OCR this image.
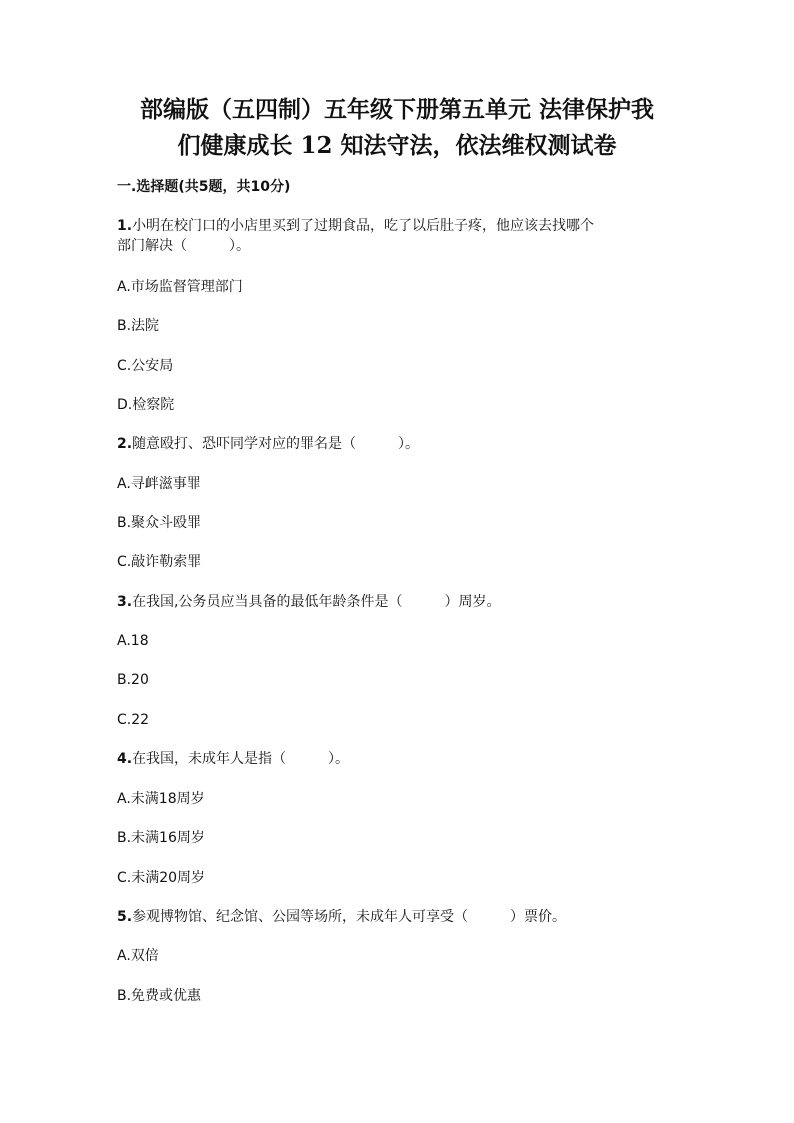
部编版（五四制）五年级下册第五单元 法律保护我
们健康成长 12 知法守法，依法维权测试卷
一.选择题(共5题，共10分)
1.小明在校门口的小店里买到了过期食品，吃了以后肚子疼，他应该去找哪个
部门解决（　　　）。
A.市场监督管理部门
B.法院
C.公安局
D.检察院
2.随意殴打、恐吓同学对应的罪名是（　　　）。
A.寻衅滋事罪
B.聚众斗殴罪
C.敲诈勒索罪
3.在我国,公务员应当具备的最低年龄条件是（　　　）周岁。
A.18
B.20
C.22
4.在我国，未成年人是指（　　　）。
A.未满18周岁
B.未满16周岁
C.未满20周岁
5.参观博物馆、纪念馆、公园等场所，未成年人可享受（　　　）票价。
A.双倍
B.免费或优惠
